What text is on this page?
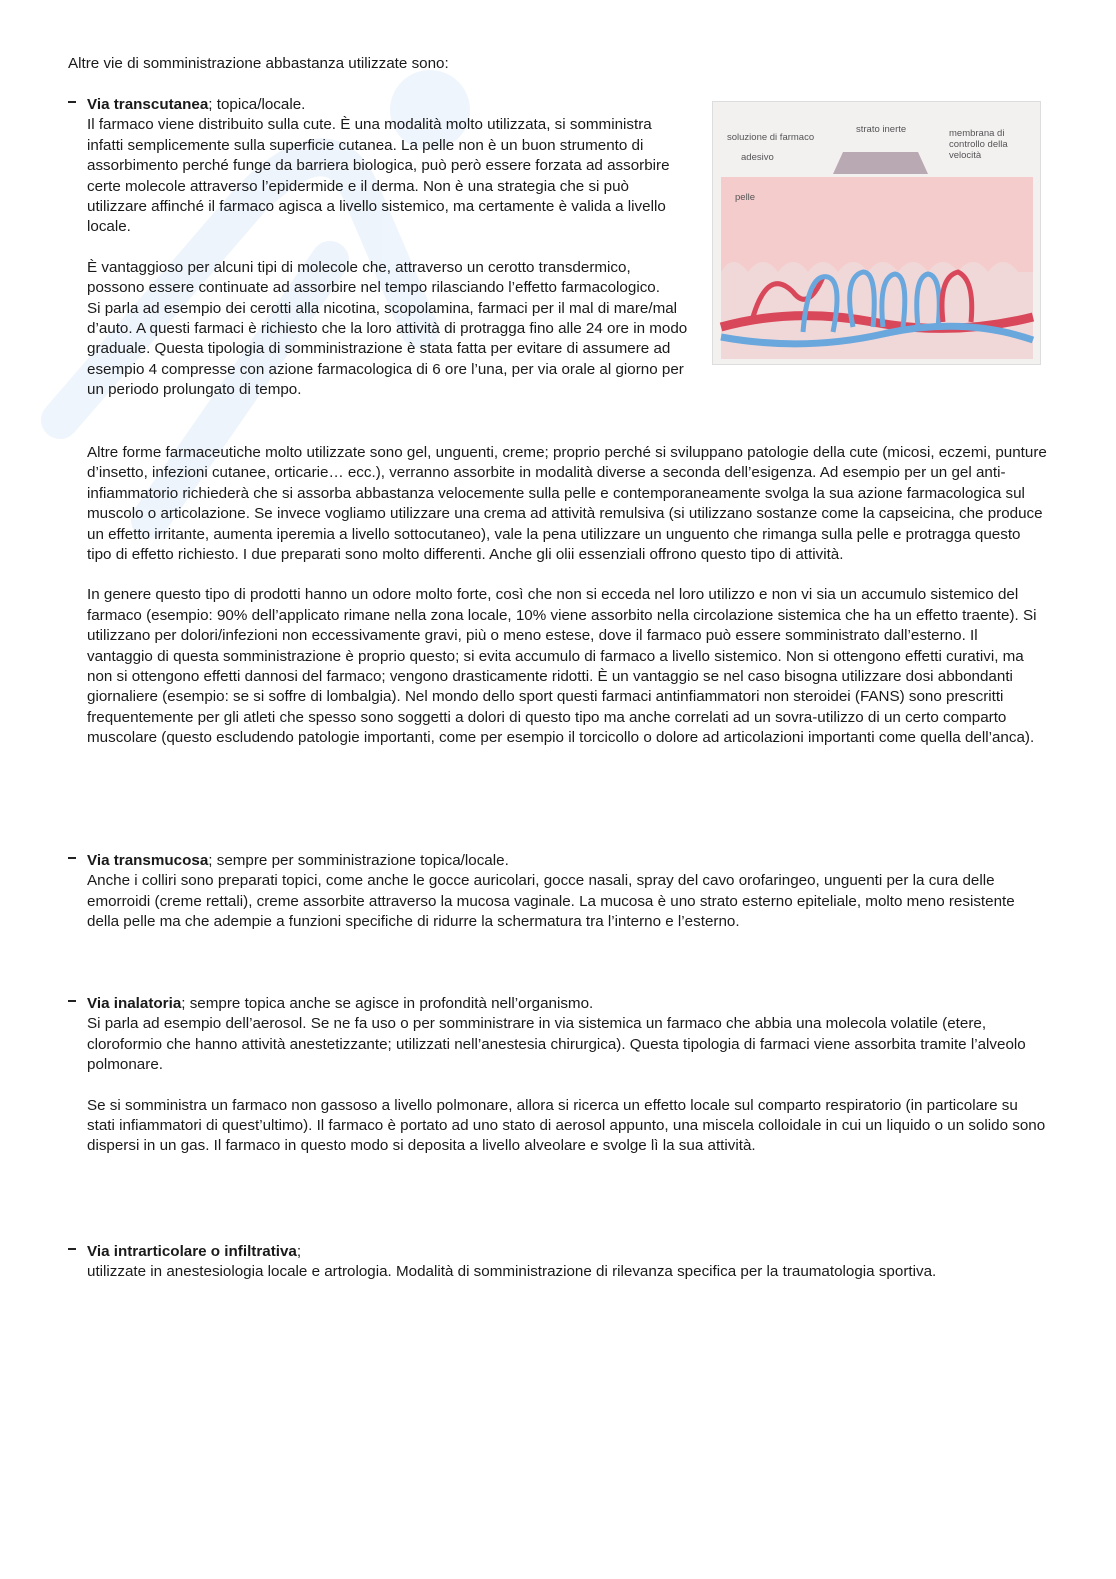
Altre vie di somministrazione abbastanza utilizzate sono:

Via transcutanea; topica/locale.

Il farmaco viene distribuito sulla cute. È una modalità molto utilizzata, si somministra infatti semplicemente sulla superficie cutanea. La pelle non è un buon strumento di assorbimento perché funge da barriera biologica, può però essere forzata ad assorbire certe molecole attraverso l’epidermide e il derma. Non è una strategia che si può utilizzare affinché il farmaco agisca a livello sistemico, ma certamente è valida a livello locale.

È vantaggioso per alcuni tipi di molecole che, attraverso un cerotto transdermico, possono essere continuate ad assorbire nel tempo rilasciando l’effetto farmacologico.

Si parla ad esempio dei cerotti alla nicotina, scopolamina, farmaci per il mal di mare/mal d’auto. A questi farmaci è richiesto che la loro attività di protragga fino alle 24 ore in modo graduale. Questa tipologia di somministrazione è stata fatta per evitare di assumere ad esempio 4 compresse con azione farmacologica di 6 ore l’una, per via orale al giorno per un periodo prolungato di tempo.

soluzione di farmaco
strato inerte	membrana di controllo della velocità
adesivo
pelle

Altre forme farmaceutiche molto utilizzate sono gel, unguenti, creme; proprio perché si sviluppano patologie della cute (micosi, eczemi, punture d’insetto, infezioni cutanee, orticarie… ecc.), verranno assorbite in modalità diverse a seconda dell’esigenza. Ad esempio per un gel anti-infiammatorio richiederà che si assorba abbastanza velocemente sulla pelle e contemporaneamente svolga la sua azione farmacologica sul muscolo o articolazione. Se invece vogliamo utilizzare una crema ad attività remulsiva (si utilizzano sostanze come la capseicina, che produce un effetto irritante, aumenta iperemia a livello sottocutaneo), vale la pena utilizzare un unguento che rimanga sulla pelle e protragga questo tipo di effetto richiesto. I due preparati sono molto differenti. Anche gli olii essenziali offrono questo tipo di attività.

In genere questo tipo di prodotti hanno un odore molto forte, così che non si ecceda nel loro utilizzo e non vi sia un accumulo sistemico del farmaco (esempio: 90% dell’applicato rimane nella zona locale, 10% viene assorbito nella circolazione sistemica che ha un effetto traente). Si utilizzano per dolori/infezioni non eccessivamente gravi, più o meno estese, dove il farmaco può essere somministrato dall’esterno. Il vantaggio di questa somministrazione è proprio questo; si evita accumulo di farmaco a livello sistemico. Non si ottengono effetti curativi, ma non si ottengono effetti dannosi del farmaco; vengono drasticamente ridotti. È un vantaggio se nel caso bisogna utilizzare dosi abbondanti giornaliere (esempio: se si soffre di lombalgia). Nel mondo dello sport questi farmaci antinfiammatori non steroidei (FANS) sono prescritti frequentemente per gli atleti che spesso sono soggetti a dolori di questo tipo ma anche correlati ad un sovra-utilizzo di un certo comparto muscolare (questo escludendo patologie importanti, come per esempio il torcicollo o dolore ad articolazioni importanti come quella dell’anca).

Via transmucosa; sempre per somministrazione topica/locale.

Anche i colliri sono preparati topici, come anche le gocce auricolari, gocce nasali, spray del cavo orofaringeo, unguenti per la cura delle emorroidi (creme rettali), creme assorbite attraverso la mucosa vaginale. La mucosa è uno strato esterno epiteliale, molto meno resistente della pelle ma che adempie a funzioni specifiche di ridurre la schermatura tra l’interno e l’esterno.

Via inalatoria; sempre topica anche se agisce in profondità nell’organismo.

Si parla ad esempio dell’aerosol. Se ne fa uso o per somministrare in via sistemica un farmaco che abbia una molecola volatile (etere, cloroformio che hanno attività anestetizzante; utilizzati nell’anestesia chirurgica). Questa tipologia di farmaci viene assorbita tramite l’alveolo polmonare.

Se si somministra un farmaco non gassoso a livello polmonare, allora si ricerca un effetto locale sul comparto respiratorio (in particolare su stati infiammatori di quest’ultimo). Il farmaco è portato ad uno stato di aerosol appunto, una miscela colloidale in cui un liquido o un solido sono dispersi in un gas. Il farmaco in questo modo si deposita a livello alveolare e svolge lì la sua attività.

Via intrarticolare o infiltrativa;

utilizzate in anestesiologia locale e artrologia. Modalità di somministrazione di rilevanza specifica per la traumatologia sportiva.
